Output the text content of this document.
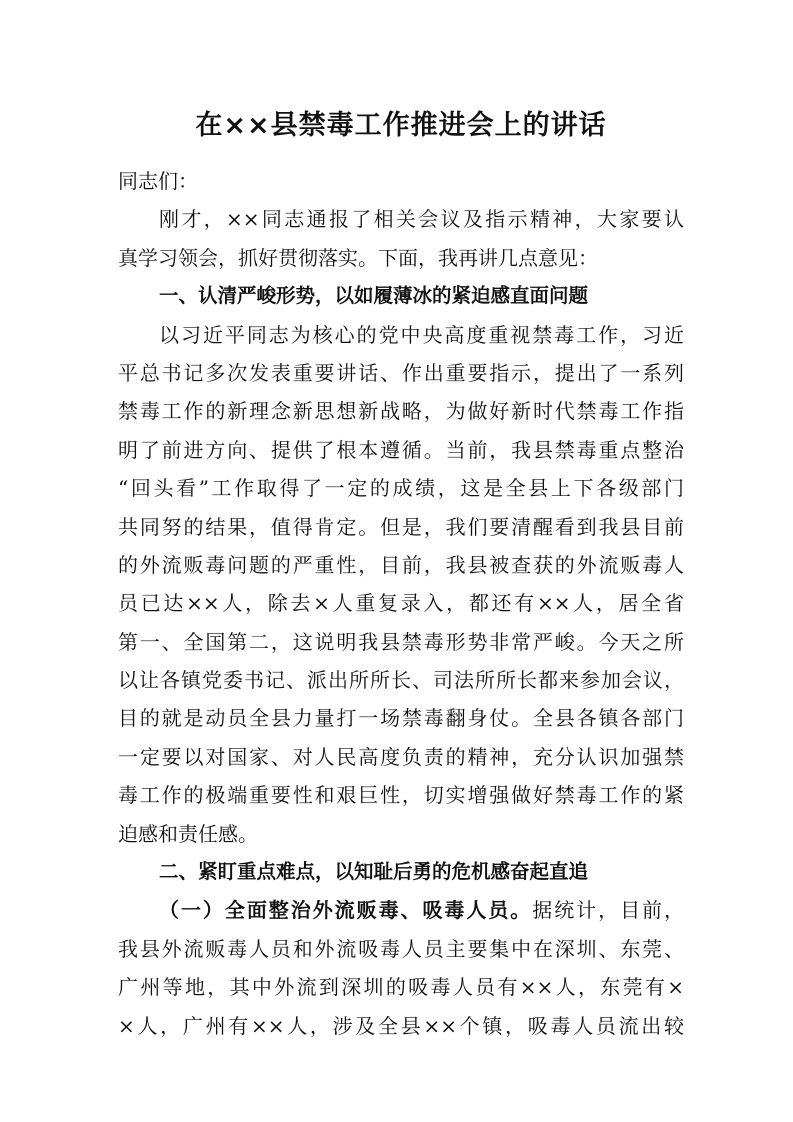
在××县禁毒工作推进会上的讲话
同志们：
刚才，××同志通报了相关会议及指示精神，大家要认
真学习领会，抓好贯彻落实。下面，我再讲几点意见：
一、认清严峻形势，以如履薄冰的紧迫感直面问题
以习近平同志为核心的党中央高度重视禁毒工作，习近
平总书记多次发表重要讲话、作出重要指示，提出了一系列
禁毒工作的新理念新思想新战略，为做好新时代禁毒工作指
明了前进方向、提供了根本遵循。当前，我县禁毒重点整治
“回头看”工作取得了一定的成绩，这是全县上下各级部门
共同努的结果，值得肯定。但是，我们要清醒看到我县目前
的外流贩毒问题的严重性，目前，我县被查获的外流贩毒人
员已达××人，除去×人重复录入，都还有××人，居全省
第一、全国第二，这说明我县禁毒形势非常严峻。今天之所
以让各镇党委书记、派出所所长、司法所所长都来参加会议，
目的就是动员全县力量打一场禁毒翻身仗。全县各镇各部门
一定要以对国家、对人民高度负责的精神，充分认识加强禁
毒工作的极端重要性和艰巨性，切实增强做好禁毒工作的紧
迫感和责任感。
二、紧盯重点难点，以知耻后勇的危机感奋起直追
（一）全面整治外流贩毒、吸毒人员。据统计，目前，
我县外流贩毒人员和外流吸毒人员主要集中在深圳、东莞、
广州等地，其中外流到深圳的吸毒人员有××人，东莞有×
×人，广州有××人，涉及全县××个镇，吸毒人员流出较
